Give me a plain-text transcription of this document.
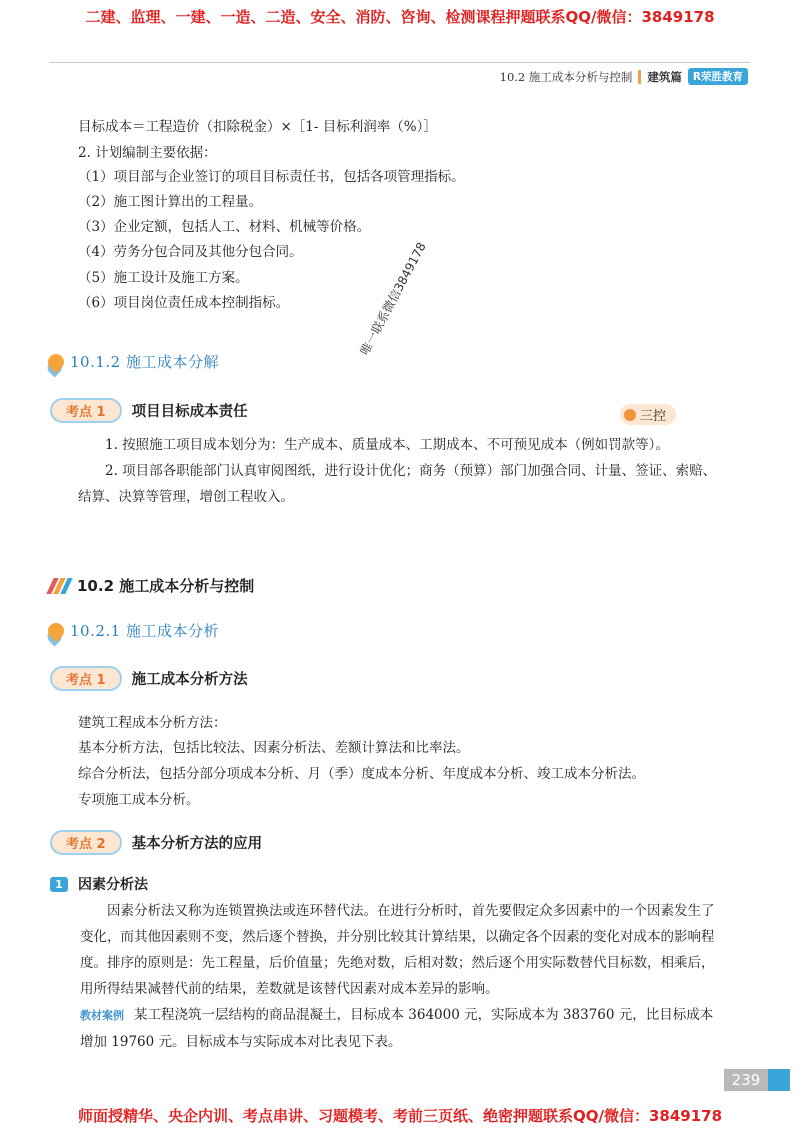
二建、监理、一建、一造、二造、安全、消防、咨询、检测课程押题联系QQ/微信：3849178
10.2 施工成本分析与控制 建筑篇	R荣胜教育
唯一联系微信3849178
目标成本＝工程造价（扣除税金）×［1- 目标利润率（%）］
2. 计划编制主要依据：
（1）项目部与企业签订的项目目标责任书，包括各项管理指标。
（2）施工图计算出的工程量。
（3）企业定额，包括人工、材料、机械等价格。
（4）劳务分包合同及其他分包合同。
（5）施工设计及施工方案。
（6）项目岗位责任成本控制指标。
10.1.2 施工成本分解
考点 1	项目目标成本责任	三控
1. 按照施工项目成本划分为：生产成本、质量成本、工期成本、不可预见成本（例如罚款等）。
2. 项目部各职能部门认真审阅图纸，进行设计优化；商务（预算）部门加强合同、计量、签证、索赔、结算、决算等管理，增创工程收入。
10.2 施工成本分析与控制
10.2.1 施工成本分析
考点 1	施工成本分析方法
建筑工程成本分析方法：
基本分析方法，包括比较法、因素分析法、差额计算法和比率法。
综合分析法，包括分部分项成本分析、月（季）度成本分析、年度成本分析、竣工成本分析法。
专项施工成本分析。
考点 2	基本分析方法的应用
1	因素分析法
因素分析法又称为连锁置换法或连环替代法。在进行分析时，首先要假定众多因素中的一个因素发生了变化，而其他因素则不变，然后逐个替换，并分别比较其计算结果，以确定各个因素的变化对成本的影响程度。排序的原则是：先工程量，后价值量；先绝对数，后相对数；然后逐个用实际数替代目标数，相乘后，用所得结果减替代前的结果，差数就是该替代因素对成本差异的影响。
教材案例 某工程浇筑一层结构的商品混凝土，目标成本 364000 元，实际成本为 383760 元，比目标成本增加 19760 元。目标成本与实际成本对比表见下表。
239
师面授精华、央企内训、考点串讲、习题模考、考前三页纸、绝密押题联系QQ/微信：3849178
